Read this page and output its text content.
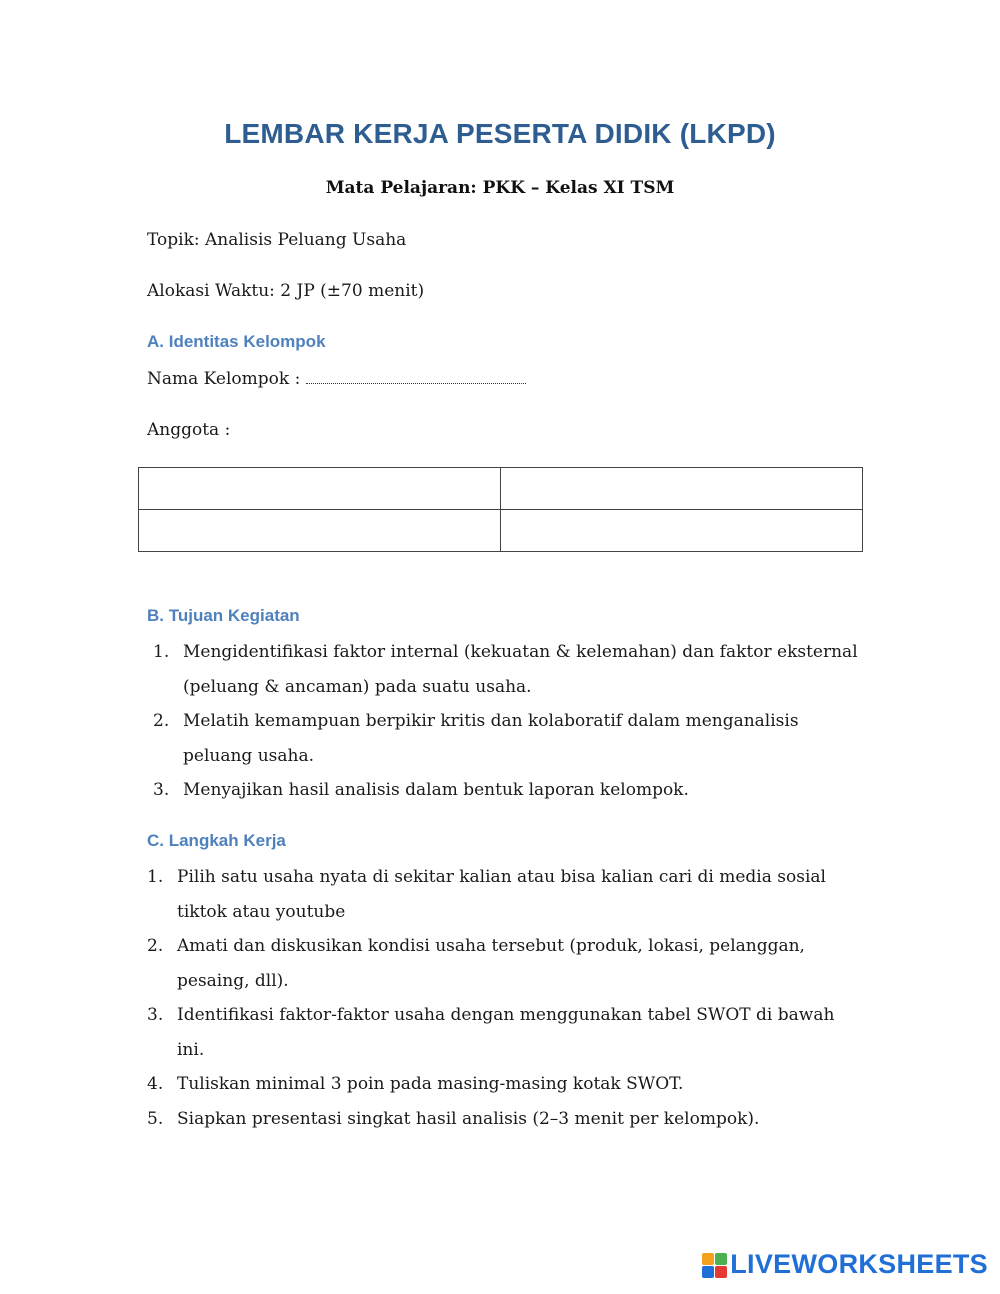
LEMBAR KERJA PESERTA DIDIK (LKPD)
Mata Pelajaran: PKK – Kelas XI TSM
Topik: Analisis Peluang Usaha
Alokasi Waktu: 2 JP (±70 menit)
A. Identitas Kelompok
Nama Kelompok :
Anggota :

B. Tujuan Kegiatan
1. Mengidentifikasi faktor internal (kekuatan & kelemahan) dan faktor eksternal (peluang & ancaman) pada suatu usaha.
2. Melatih kemampuan berpikir kritis dan kolaboratif dalam menganalisis peluang usaha.
3. Menyajikan hasil analisis dalam bentuk laporan kelompok.
C. Langkah Kerja
1. Pilih satu usaha nyata di sekitar kalian atau bisa kalian cari di media sosial tiktok atau youtube
2. Amati dan diskusikan kondisi usaha tersebut (produk, lokasi, pelanggan, pesaing, dll).
3. Identifikasi faktor-faktor usaha dengan menggunakan tabel SWOT di bawah ini.
4. Tuliskan minimal 3 poin pada masing-masing kotak SWOT.
5. Siapkan presentasi singkat hasil analisis (2–3 menit per kelompok).
LIVEWORKSHEETS
